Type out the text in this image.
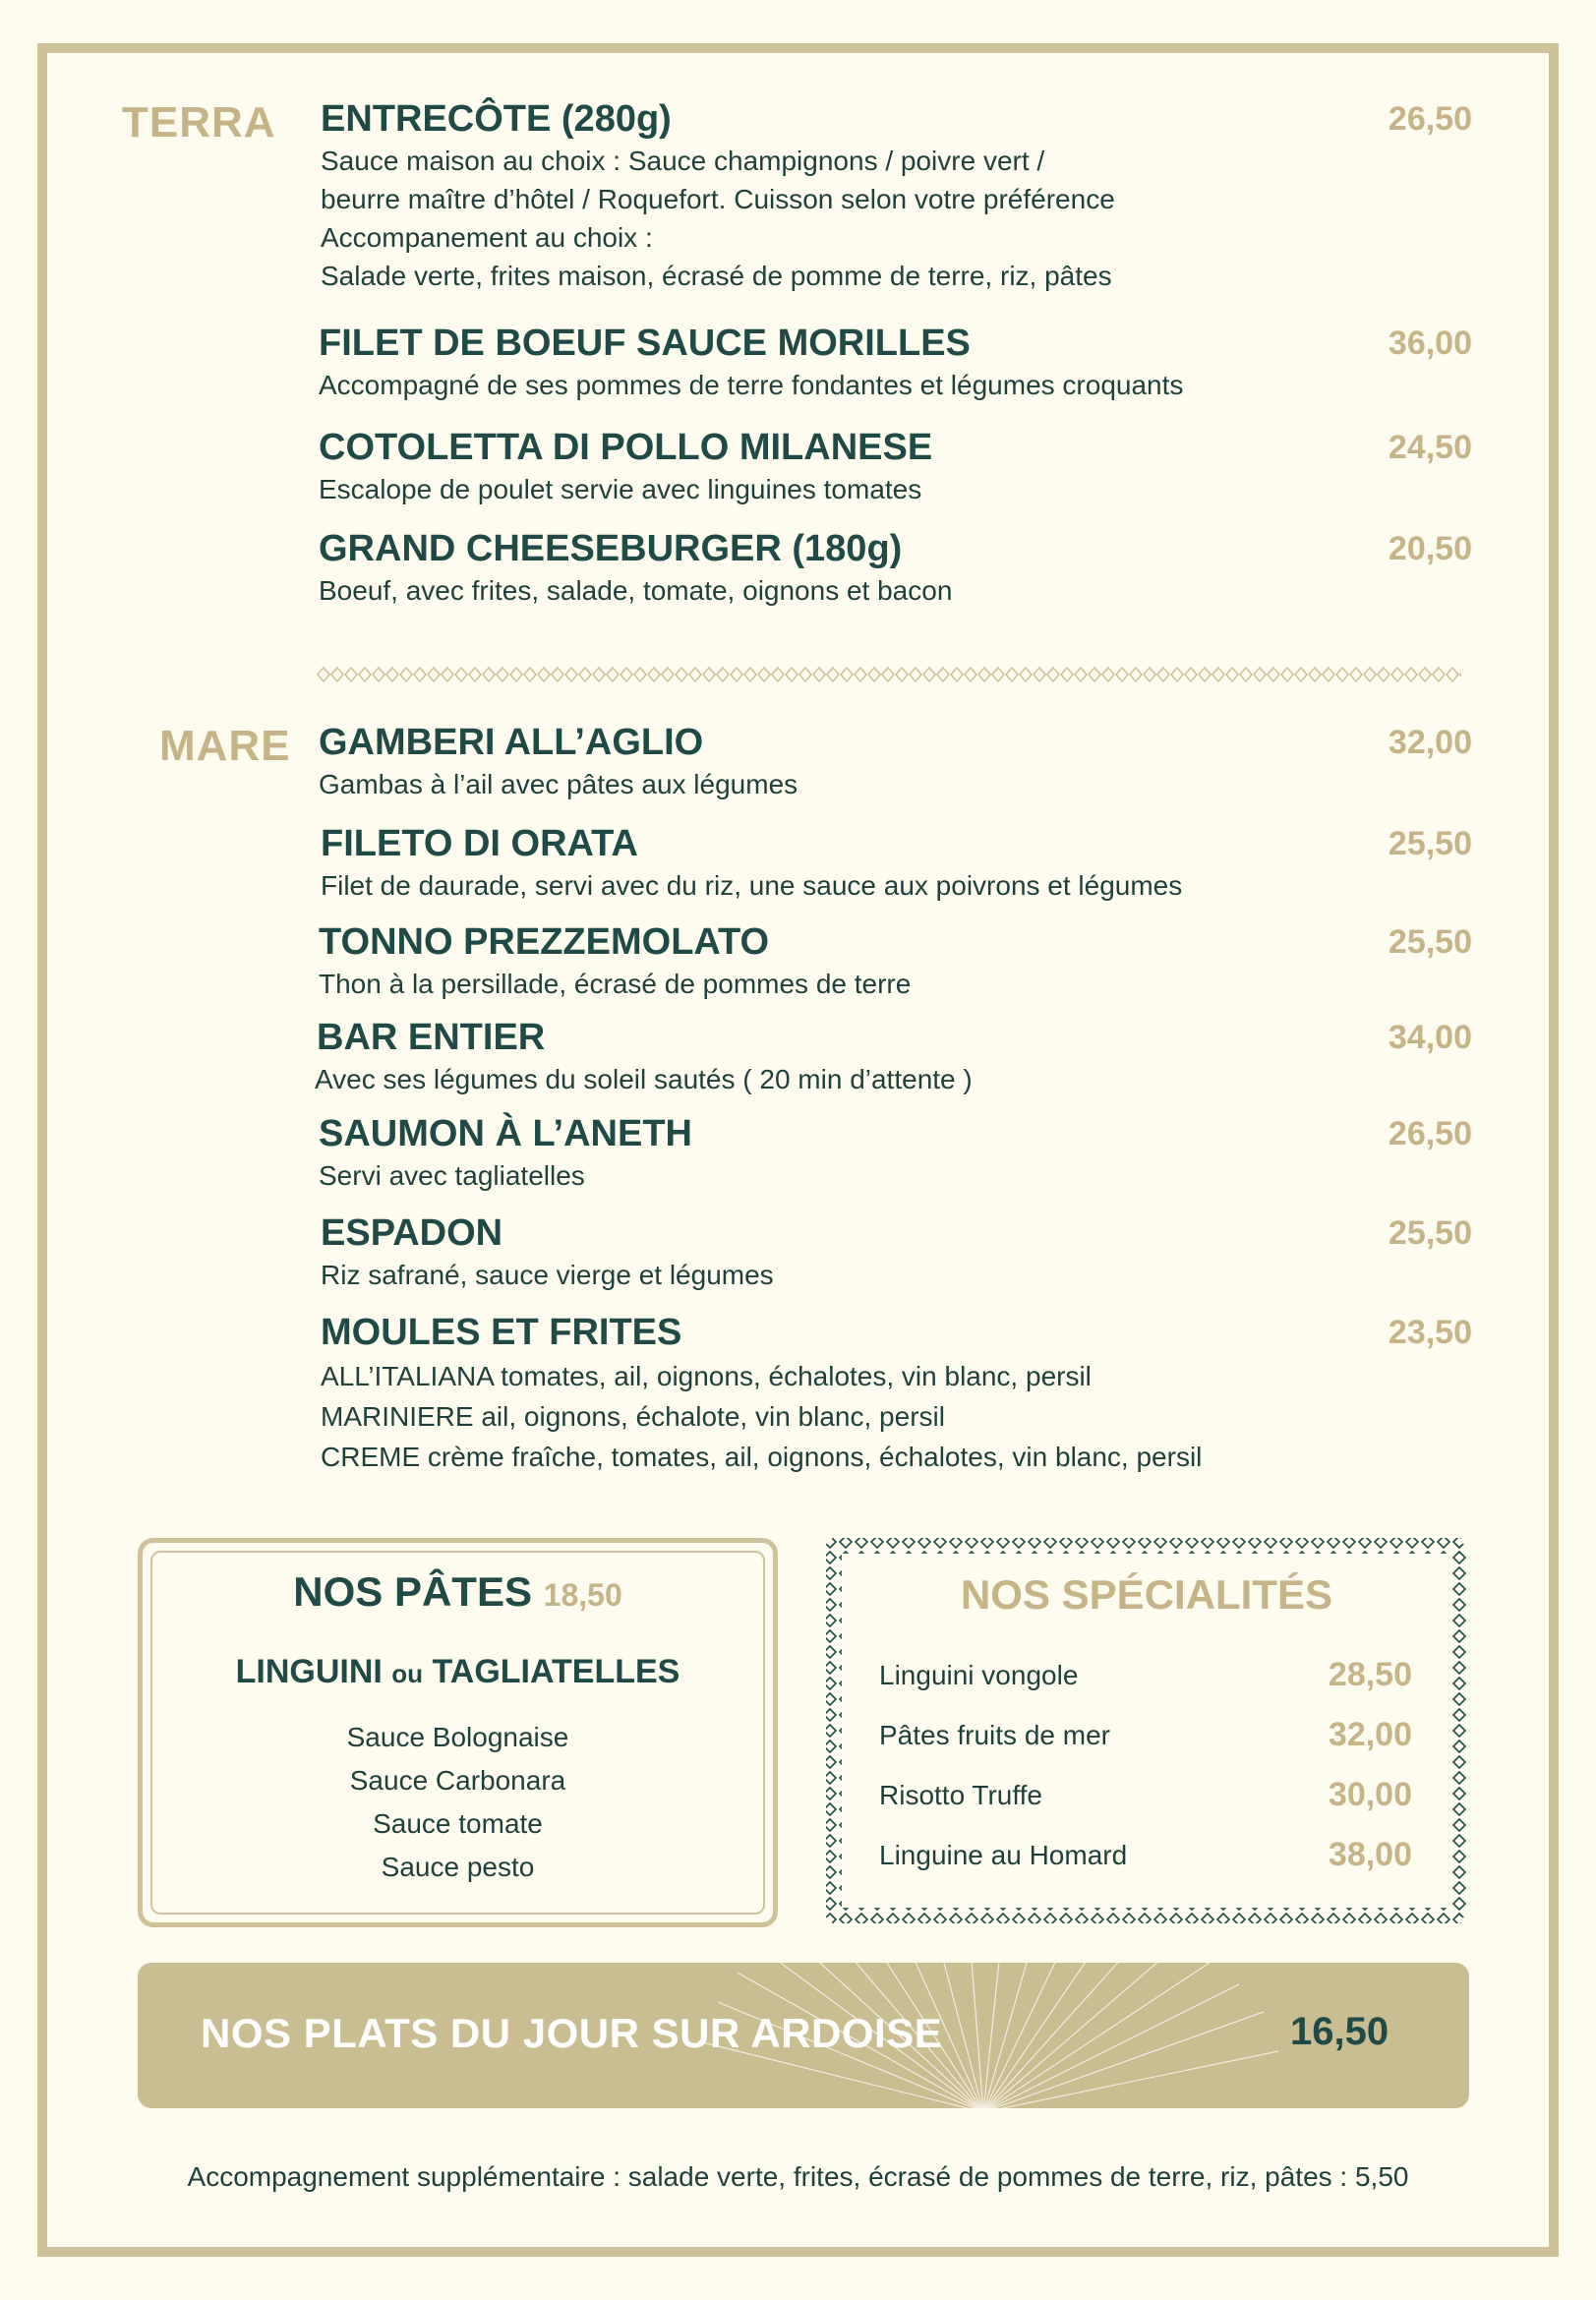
TERRA ENTRECÔTE (280g)	26,50
Sauce maison au choix : Sauce champignons / poivre vert /
beurre maître d’hôtel / Roquefort. Cuisson selon votre préférence
Accompanement au choix :
Salade verte, frites maison, écrasé de pomme de terre, riz, pâtes
FILET DE BOEUF SAUCE MORILLES	36,00
Accompagné de ses pommes de terre fondantes et légumes croquants
COTOLETTA DI POLLO MILANESE	24,50
Escalope de poulet servie avec linguines tomates
GRAND CHEESEBURGER (180g)	20,50
Boeuf, avec frites, salade, tomate, oignons et bacon
MARE GAMBERI ALL’AGLIO	32,00
Gambas à l’ail avec pâtes aux légumes
FILETO DI ORATA	25,50
Filet de daurade, servi avec du riz, une sauce aux poivrons et légumes
TONNO PREZZEMOLATO	25,50
Thon à la persillade, écrasé de pommes de terre
BAR ENTIER	34,00
Avec ses légumes du soleil sautés ( 20 min d’attente )
SAUMON À L’ANETH	26,50
Servi avec tagliatelles
ESPADON	25,50
Riz safrané, sauce vierge et légumes
MOULES ET FRITES	23,50
ALL’ITALIANA tomates, ail, oignons, échalotes, vin blanc, persil
MARINIERE ail, oignons, échalote, vin blanc, persil
CREME crème fraîche, tomates, ail, oignons, échalotes, vin blanc, persil
NOS PÂTES 18,50
LINGUINI ou TAGLIATELLES
Sauce Bolognaise
Sauce Carbonara
Sauce tomate
Sauce pesto
NOS SPÉCIALITÉS
Linguini vongole	28,50
Pâtes fruits de mer	32,00
Risotto Truffe	30,00
Linguine au Homard	38,00
NOS PLATS DU JOUR SUR ARDOISE	16,50
Accompagnement supplémentaire : salade verte, frites, écrasé de pommes de terre, riz, pâtes : 5,50
